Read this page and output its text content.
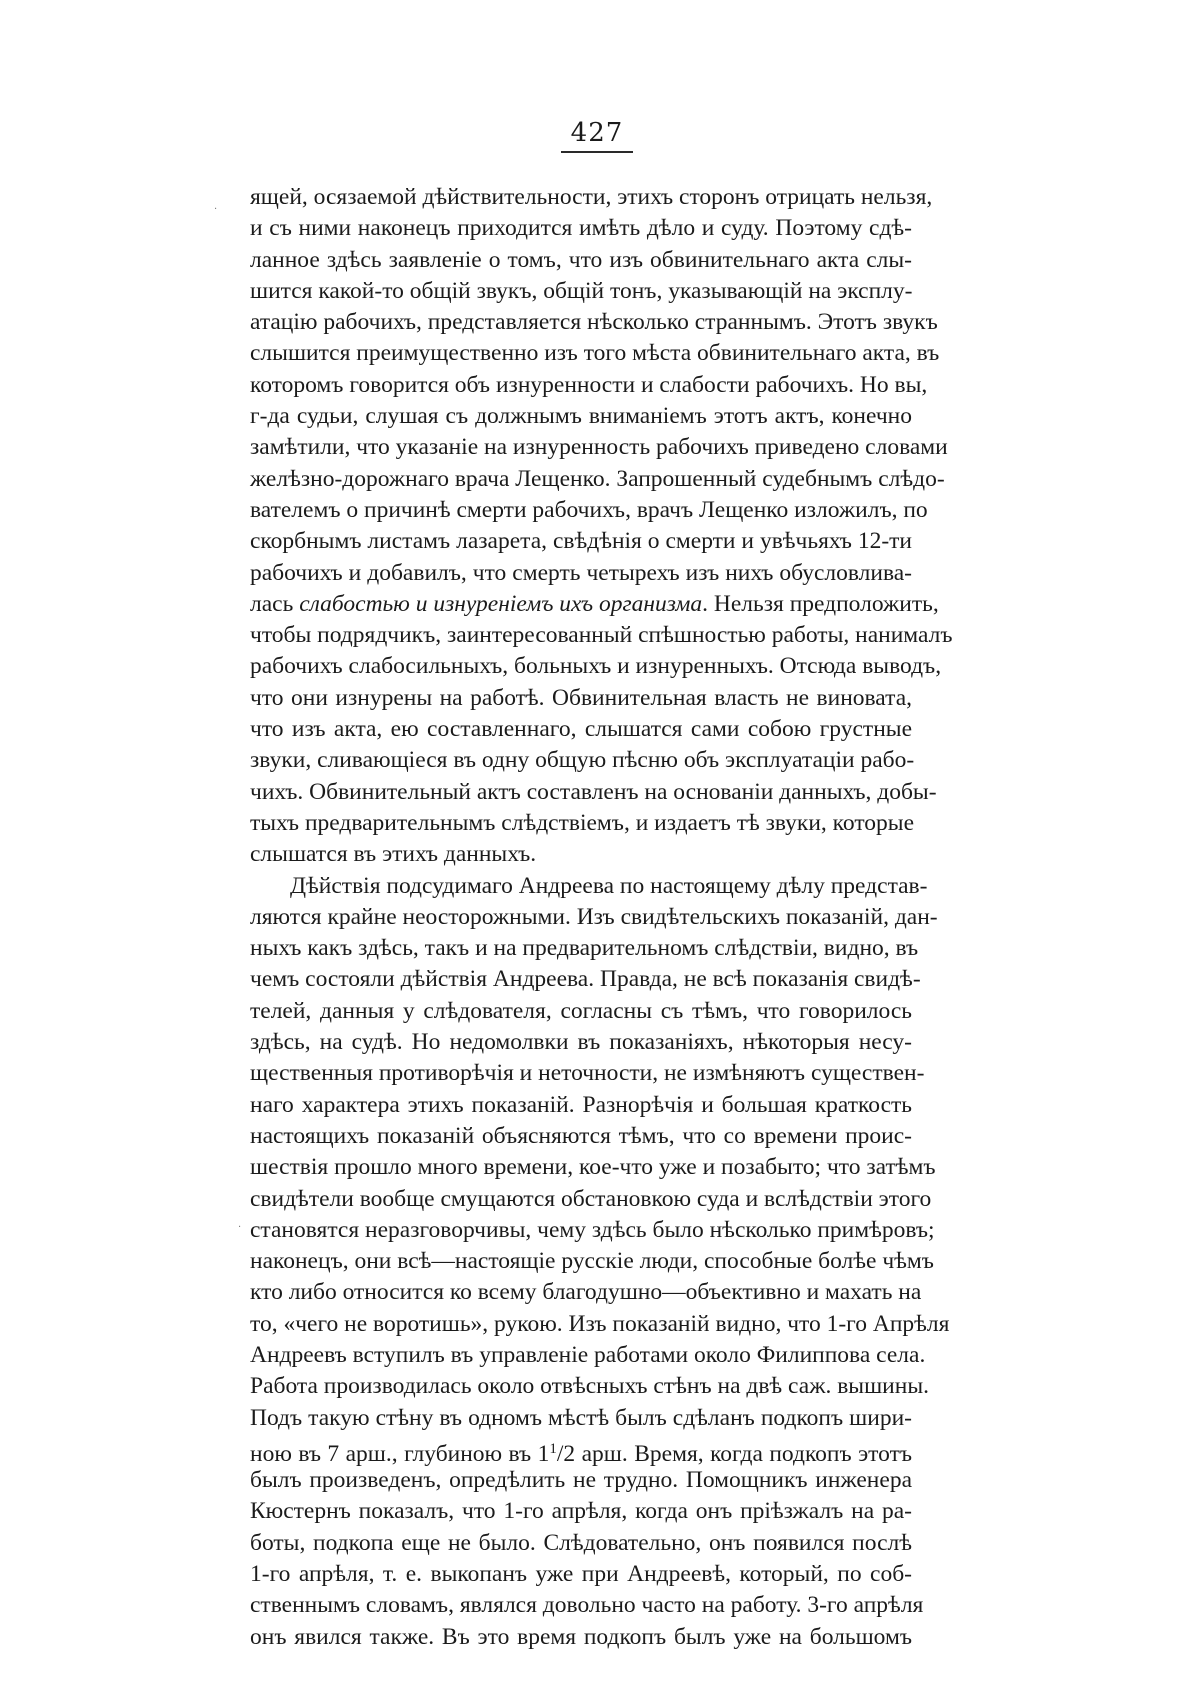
427
·
·
ящей, осязаемой дѣйствительности, этихъ сторонъ отрицать нельзя,
и съ ними наконецъ приходится имѣть дѣло и суду. Поэтому сдѣ-
ланное здѣсь заявленіе о томъ, что изъ обвинительнаго акта слы-
шится какой-то общій звукъ, общій тонъ, указывающій на эксплу-
атацію рабочихъ, представляется нѣсколько страннымъ. Этотъ звукъ
слышится преимущественно изъ того мѣста обвинительнаго акта, въ
которомъ говорится объ изнуренности и слабости рабочихъ. Но вы,
г-да судьи, слушая съ должнымъ вниманіемъ этотъ актъ, конечно
замѣтили, что указаніе на изнуренность рабочихъ приведено словами
желѣзно-дорожнаго врача Лещенко. Запрошенный судебнымъ слѣдо-
вателемъ о причинѣ смерти рабочихъ, врачъ Лещенко изложилъ, по
скорбнымъ листамъ лазарета, свѣдѣнія о смерти и увѣчьяхъ 12-ти
рабочихъ и добавилъ, что смерть четырехъ изъ нихъ обусловлива-
лась слабостью и изнуреніемъ ихъ организма. Нельзя предположить,
чтобы подрядчикъ, заинтересованный спѣшностью работы, нанималъ
рабочихъ слабосильныхъ, больныхъ и изнуренныхъ. Отсюда выводъ,
что они изнурены на работѣ. Обвинительная власть не виновата,
что изъ акта, ею составленнаго, слышатся сами собою грустные
звуки, сливающіеся въ одну общую пѣсню объ эксплуатаціи рабо-
чихъ. Обвинительный актъ составленъ на основаніи данныхъ, добы-
тыхъ предварительнымъ слѣдствіемъ, и издаетъ тѣ звуки, которые
слышатся въ этихъ данныхъ.
Дѣйствія подсудимаго Андреева по настоящему дѣлу представ-
ляются крайне неосторожными. Изъ свидѣтельскихъ показаній, дан-
ныхъ какъ здѣсь, такъ и на предварительномъ слѣдствіи, видно, въ
чемъ состояли дѣйствія Андреева. Правда, не всѣ показанія свидѣ-
телей, данныя у слѣдователя, согласны съ тѣмъ, что говорилось
здѣсь, на судѣ. Но недомолвки въ показаніяхъ, нѣкоторыя несу-
щественныя противорѣчія и неточности, не измѣняютъ существен-
наго характера этихъ показаній. Разнорѣчія и большая краткость
настоящихъ показаній объясняются тѣмъ, что со времени проис-
шествія прошло много времени, кое-что уже и позабыто; что затѣмъ
свидѣтели вообще смущаются обстановкою суда и вслѣдствіи этого
становятся неразговорчивы, чему здѣсь было нѣсколько примѣровъ;
наконецъ, они всѣ—настоящіе русскіе люди, способные болѣе чѣмъ
кто либо относится ко всему благодушно—объективно и махать на
то, «чего не воротишь», рукою. Изъ показаній видно, что 1-го Апрѣля
Андреевъ вступилъ въ управленіе работами около Филиппова села.
Работа производилась около отвѣсныхъ стѣнъ на двѣ саж. вышины.
Подъ такую стѣну въ одномъ мѣстѣ былъ сдѣланъ подкопъ шири-
ною въ 7 арш., глубиною въ $1^1/2$ арш. Время, когда подкопъ этотъ
былъ произведенъ, опредѣлить не трудно. Помощникъ инженера
Кюстернъ показалъ, что 1-го апрѣля, когда онъ пріѣзжалъ на ра-
боты, подкопа еще не было. Слѣдовательно, онъ появился послѣ
1-го апрѣля, т. е. выкопанъ уже при Андреевѣ, который, по соб-
ственнымъ словамъ, являлся довольно часто на работу. 3-го апрѣля
онъ явился также. Въ это время подкопъ былъ уже на большомъ
